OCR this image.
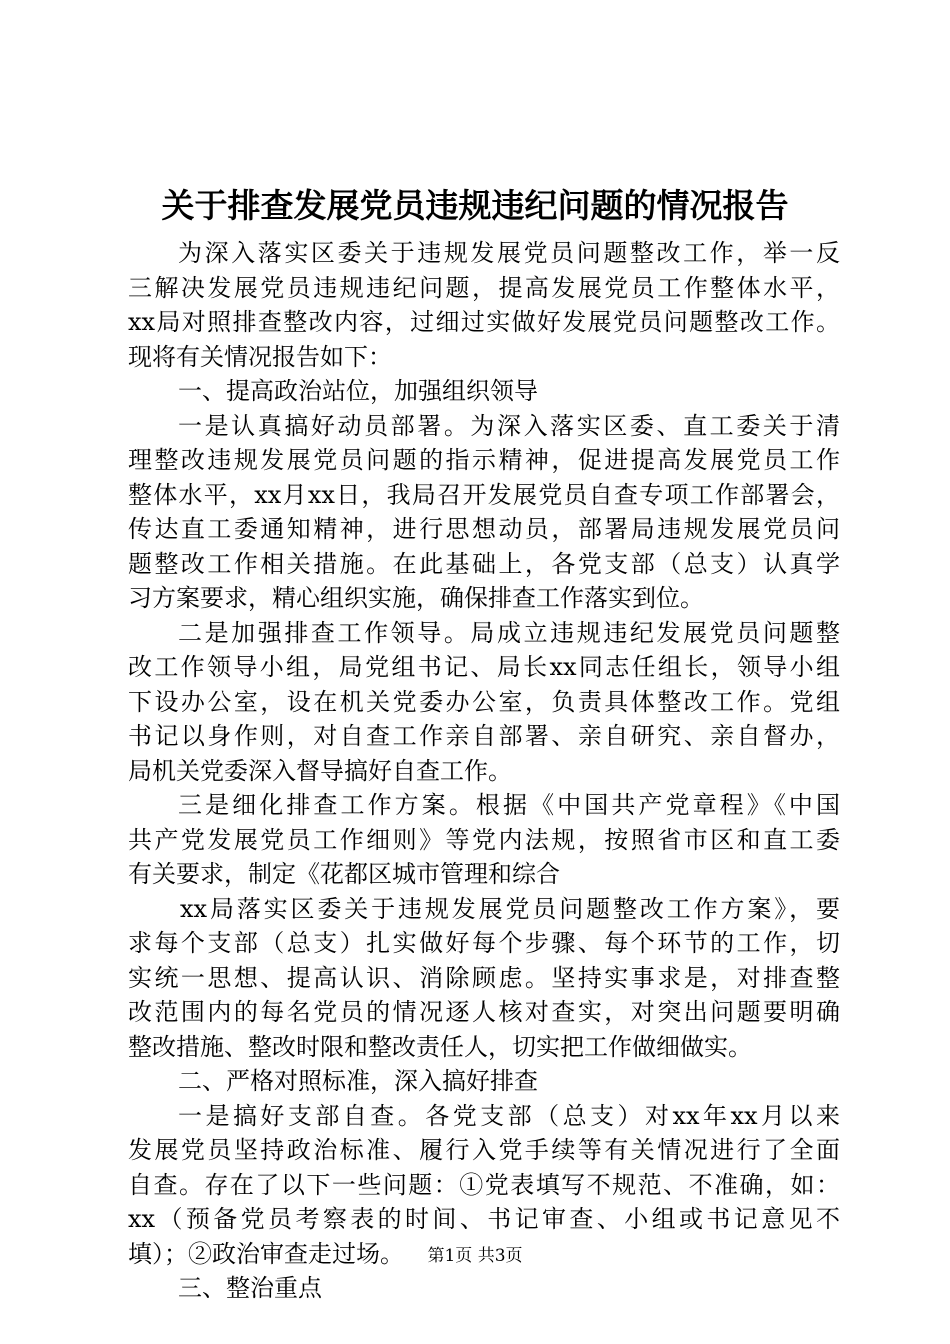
关于排查发展党员违规违纪问题的情况报告
为深入落实区委关于违规发展党员问题整改工作，举一反
三解决发展党员违规违纪问题，提高发展党员工作整体水平，
xx局对照排查整改内容，过细过实做好发展党员问题整改工作。
现将有关情况报告如下：
一、提高政治站位，加强组织领导
一是认真搞好动员部署。为深入落实区委、直工委关于清
理整改违规发展党员问题的指示精神，促进提高发展党员工作
整体水平，xx月xx日，我局召开发展党员自查专项工作部署会，
传达直工委通知精神，进行思想动员，部署局违规发展党员问
题整改工作相关措施。在此基础上，各党支部（总支）认真学
习方案要求，精心组织实施，确保排查工作落实到位。
二是加强排查工作领导。局成立违规违纪发展党员问题整
改工作领导小组，局党组书记、局长xx同志任组长，领导小组
下设办公室，设在机关党委办公室，负责具体整改工作。党组
书记以身作则，对自查工作亲自部署、亲自研究、亲自督办，
局机关党委深入督导搞好自查工作。
三是细化排查工作方案。根据《中国共产党章程》《中国
共产党发展党员工作细则》等党内法规，按照省市区和直工委
有关要求，制定《花都区城市管理和综合
xx局落实区委关于违规发展党员问题整改工作方案》，要
求每个支部（总支）扎实做好每个步骤、每个环节的工作，切
实统一思想、提高认识、消除顾虑。坚持实事求是，对排查整
改范围内的每名党员的情况逐人核对查实，对突出问题要明确
整改措施、整改时限和整改责任人，切实把工作做细做实。
二、严格对照标准，深入搞好排查
一是搞好支部自查。各党支部（总支）对xx年xx月以来
发展党员坚持政治标准、履行入党手续等有关情况进行了全面
自查。存在了以下一些问题：①党表填写不规范、不准确，如：
xx（预备党员考察表的时间、书记审查、小组或书记意见不
填）；②政治审查走过场。
三、整治重点
第1页 共3页
